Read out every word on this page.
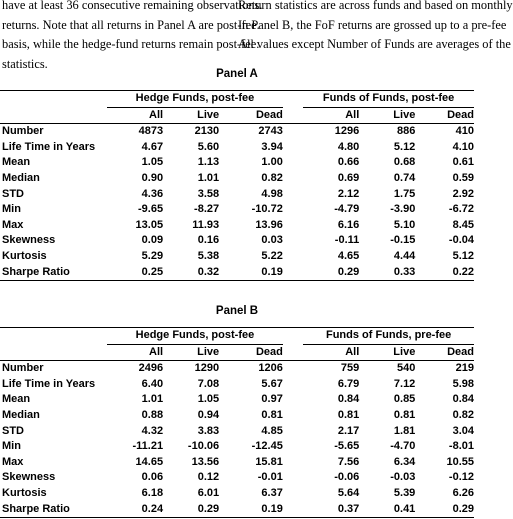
have at least 36 consecutive remaining observations.
returns. Note that all returns in Panel A are post-fee.
basis, while the hedge-fund returns remain post-fee.
statistics.
Return statistics are across funds and based on monthly
In Panel B, the FoF returns are grossed up to a pre-fee
All values except Number of Funds are averages of the
Panel A
	Hedge Funds, post-fee				Funds of Funds, post-fee		
	All	Live	Dead		All	Live	Dead
Number	4873	2130	2743		1296	886	410
Life Time in Years	4.67	5.60	3.94		4.80	5.12	4.10
Mean	1.05	1.13	1.00		0.66	0.68	0.61
Median	0.90	1.01	0.82		0.69	0.74	0.59
STD	4.36	3.58	4.98		2.12	1.75	2.92
Min	-9.65	-8.27	-10.72		-4.79	-3.90	-6.72
Max	13.05	11.93	13.96		6.16	5.10	8.45
Skewness	0.09	0.16	0.03		-0.11	-0.15	-0.04
Kurtosis	5.29	5.38	5.22		4.65	4.44	5.12
Sharpe Ratio	0.25	0.32	0.19		0.29	0.33	0.22
Panel B
	Hedge Funds, post-fee				Funds of Funds, pre-fee		
	All	Live	Dead		All	Live	Dead
Number	2496	1290	1206		759	540	219
Life Time in Years	6.40	7.08	5.67		6.79	7.12	5.98
Mean	1.01	1.05	0.97		0.84	0.85	0.84
Median	0.88	0.94	0.81		0.81	0.81	0.82
STD	4.32	3.83	4.85		2.17	1.81	3.04
Min	-11.21	-10.06	-12.45		-5.65	-4.70	-8.01
Max	14.65	13.56	15.81		7.56	6.34	10.55
Skewness	0.06	0.12	-0.01		-0.06	-0.03	-0.12
Kurtosis	6.18	6.01	6.37		5.64	5.39	6.26
Sharpe Ratio	0.24	0.29	0.19		0.37	0.41	0.29
